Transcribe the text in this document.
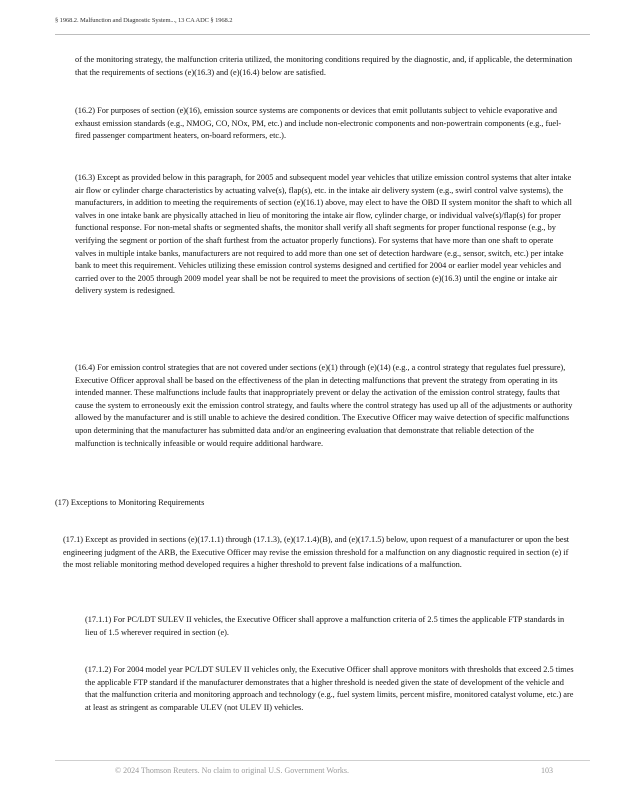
§ 1968.2. Malfunction and Diagnostic System..., 13 CA ADC § 1968.2

of the monitoring strategy, the malfunction criteria utilized, the monitoring conditions required by the diagnostic, and, if applicable, the determination that the requirements of sections (e)(16.3) and (e)(16.4) below are satisfied.

(16.2) For purposes of section (e)(16), emission source systems are components or devices that emit pollutants subject to vehicle evaporative and exhaust emission standards (e.g., NMOG, CO, NOx, PM, etc.) and include non-electronic components and non-powertrain components (e.g., fuel-fired passenger compartment heaters, on-board reformers, etc.).

(16.3) Except as provided below in this paragraph, for 2005 and subsequent model year vehicles that utilize emission control systems that alter intake air flow or cylinder charge characteristics by actuating valve(s), flap(s), etc. in the intake air delivery system (e.g., swirl control valve systems), the manufacturers, in addition to meeting the requirements of section (e)(16.1) above, may elect to have the OBD II system monitor the shaft to which all valves in one intake bank are physically attached in lieu of monitoring the intake air flow, cylinder charge, or individual valve(s)/flap(s) for proper functional response. For non-metal shafts or segmented shafts, the monitor shall verify all shaft segments for proper functional response (e.g., by verifying the segment or portion of the shaft furthest from the actuator properly functions). For systems that have more than one shaft to operate valves in multiple intake banks, manufacturers are not required to add more than one set of detection hardware (e.g., sensor, switch, etc.) per intake bank to meet this requirement. Vehicles utilizing these emission control systems designed and certified for 2004 or earlier model year vehicles and carried over to the 2005 through 2009 model year shall be not be required to meet the provisions of section (e)(16.3) until the engine or intake air delivery system is redesigned.

(16.4) For emission control strategies that are not covered under sections (e)(1) through (e)(14) (e.g., a control strategy that regulates fuel pressure), Executive Officer approval shall be based on the effectiveness of the plan in detecting malfunctions that prevent the strategy from operating in its intended manner. These malfunctions include faults that inappropriately prevent or delay the activation of the emission control strategy, faults that cause the system to erroneously exit the emission control strategy, and faults where the control strategy has used up all of the adjustments or authority allowed by the manufacturer and is still unable to achieve the desired condition. The Executive Officer may waive detection of specific malfunctions upon determining that the manufacturer has submitted data and/or an engineering evaluation that demonstrate that reliable detection of the malfunction is technically infeasible or would require additional hardware.

(17) Exceptions to Monitoring Requirements

(17.1) Except as provided in sections (e)(17.1.1) through (17.1.3), (e)(17.1.4)(B), and (e)(17.1.5) below, upon request of a manufacturer or upon the best engineering judgment of the ARB, the Executive Officer may revise the emission threshold for a malfunction on any diagnostic required in section (e) if the most reliable monitoring method developed requires a higher threshold to prevent false indications of a malfunction.

(17.1.1) For PC/LDT SULEV II vehicles, the Executive Officer shall approve a malfunction criteria of 2.5 times the applicable FTP standards in lieu of 1.5 wherever required in section (e).

(17.1.2) For 2004 model year PC/LDT SULEV II vehicles only, the Executive Officer shall approve monitors with thresholds that exceed 2.5 times the applicable FTP standard if the manufacturer demonstrates that a higher threshold is needed given the state of development of the vehicle and that the malfunction criteria and monitoring approach and technology (e.g., fuel system limits, percent misfire, monitored catalyst volume, etc.) are at least as stringent as comparable ULEV (not ULEV II) vehicles.

© 2024 Thomson Reuters. No claim to original U.S. Government Works.	103
